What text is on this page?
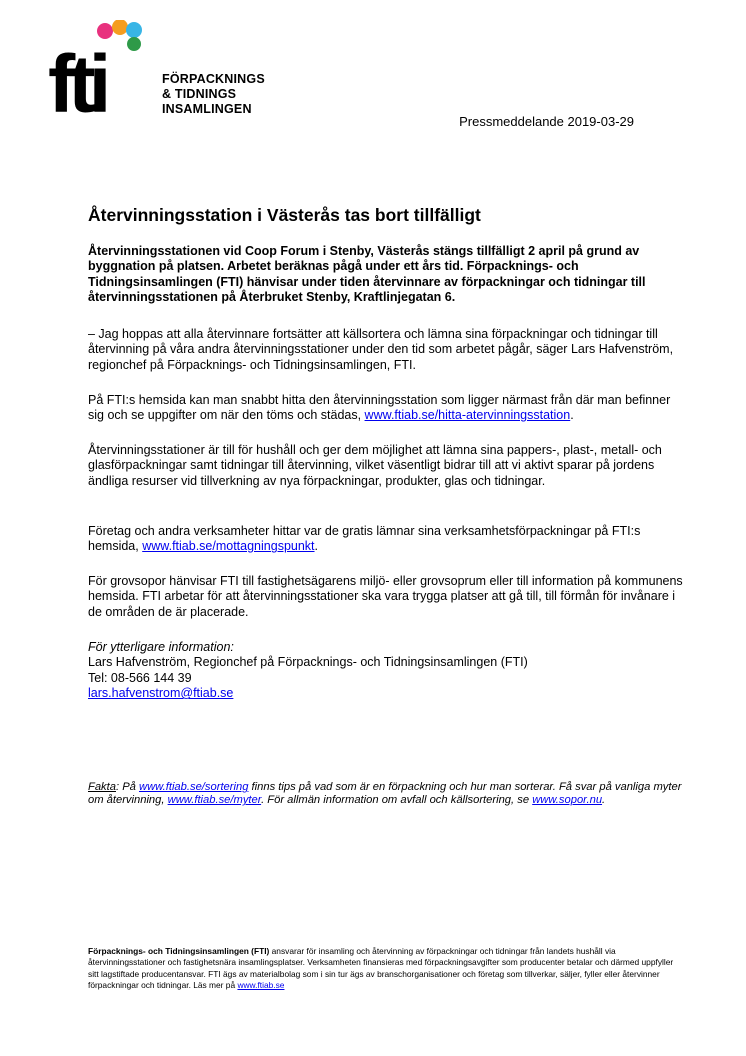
fti	FÖRPACKNINGS
& TIDNINGS
INSAMLINGEN
Pressmeddelande 2019-03-29
Återvinningsstation i Västerås tas bort tillfälligt

Återvinningsstationen vid Coop Forum i Stenby, Västerås stängs tillfälligt 2 april på grund av byggnation på platsen. Arbetet beräknas pågå under ett års tid. Förpacknings- och Tidningsinsamlingen (FTI) hänvisar under tiden återvinnare av förpackningar och tidningar till återvinningsstationen på Återbruket Stenby, Kraftlinjegatan 6.

– Jag hoppas att alla återvinnare fortsätter att källsortera och lämna sina förpackningar och tidningar till återvinning på våra andra återvinningsstationer under den tid som arbetet pågår, säger Lars Hafvenström, regionchef på Förpacknings- och Tidningsinsamlingen, FTI.

På FTI:s hemsida kan man snabbt hitta den återvinningsstation som ligger närmast från där man befinner sig och se uppgifter om när den töms och städas, www.ftiab.se/hitta-atervinningsstation.

Återvinningsstationer är till för hushåll och ger dem möjlighet att lämna sina pappers-, plast-, metall- och glasförpackningar samt tidningar till återvinning, vilket väsentligt bidrar till att vi aktivt sparar på jordens ändliga resurser vid tillverkning av nya förpackningar, produkter, glas och tidningar.

Företag och andra verksamheter hittar var de gratis lämnar sina verksamhetsförpackningar på FTI:s hemsida, www.ftiab.se/mottagningspunkt.

För grovsopor hänvisar FTI till fastighetsägarens miljö- eller grovsoprum eller till information på kommunens hemsida. FTI arbetar för att återvinningsstationer ska vara trygga platser att gå till, till förmån för invånare i de områden de är placerade.

För ytterligare information:
Lars Hafvenström, Regionchef på Förpacknings- och Tidningsinsamlingen (FTI)
Tel: 08-566 144 39
lars.hafvenstrom@ftiab.se
Fakta: På www.ftiab.se/sortering finns tips på vad som är en förpackning och hur man sorterar. Få svar på vanliga myter om återvinning, www.ftiab.se/myter. För allmän information om avfall och källsortering, se www.sopor.nu.
Förpacknings- och Tidningsinsamlingen (FTI) ansvarar för insamling och återvinning av förpackningar och tidningar från landets hushåll via återvinningsstationer och fastighetsnära insamlingsplatser. Verksamheten finansieras med förpackningsavgifter som producenter betalar och därmed uppfyller sitt lagstiftade producentansvar. FTI ägs av materialbolag som i sin tur ägs av branschorganisationer och företag som tillverkar, säljer, fyller eller återvinner förpackningar och tidningar. Läs mer på www.ftiab.se
